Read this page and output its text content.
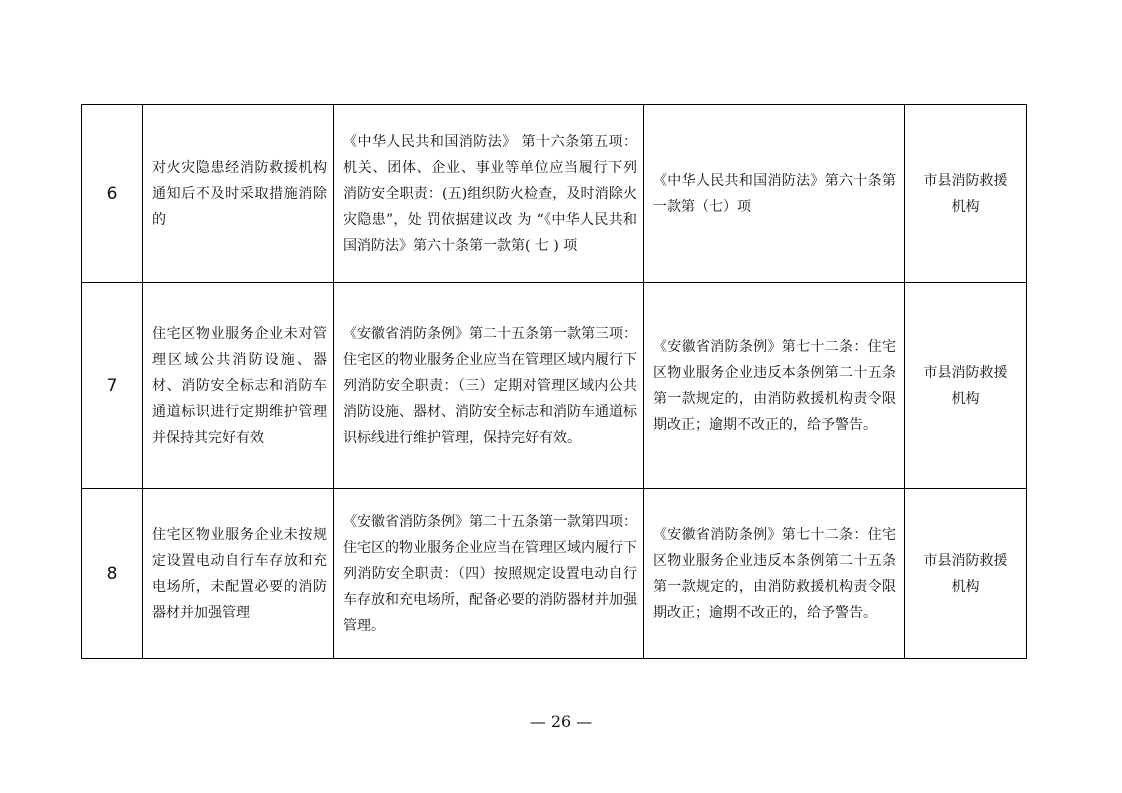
6	对火灾隐患经消防救援机构通知后不及时采取措施消除的	《中华人民共和国消防法》 第十六条第五项：机关、团体、企业、事业等单位应当履行下列 消防安全职责：(五)组织防火检查，及时消除火灾隐患”，处 罚依据建议改 为 “《中华人民共和国消防法》第六十条第一款第( 七 ) 项	《中华人民共和国消防法》第六十条第一款第（七）项	市县消防救援机构

7	住宅区物业服务企业未对管 理区域公共消防设施、器材、消防安全标志和消防车通道标识进行定期维护管理并保持其完好有效	《安徽省消防条例》第二十五条第一款第三项：住宅区的物业服务企业应当在管理区域内履行下列消防安全职责：（三）定期对管理区域内公共消防设施、器材、消防安全标志和消防车通道标识标线进行维护管理，保持完好有效。	《安徽省消防条例》第七十二条：住宅区物业服务企业违反本条例第二十五条第一款规定的，由消防救援机构责令限期改正；逾期不改正的，给予警告。	市县消防救援机构

8	住宅区物业服务企业未按规定设置电动自行车存放和充电场所，未配置必要的消防器材并加强管理	《安徽省消防条例》第二十五条第一款第四项：住宅区的物业服务企业应当在管理区域内履行下列消防安全职责：（四）按照规定设置电动自行车存放和充电场所，配备必要的消防器材并加强管理。	《安徽省消防条例》第七十二条：住宅区物业服务企业违反本条例第二十五条第一款规定的，由消防救援机构责令限期改正；逾期不改正的，给予警告。	市县消防救援机构
— 26 —
